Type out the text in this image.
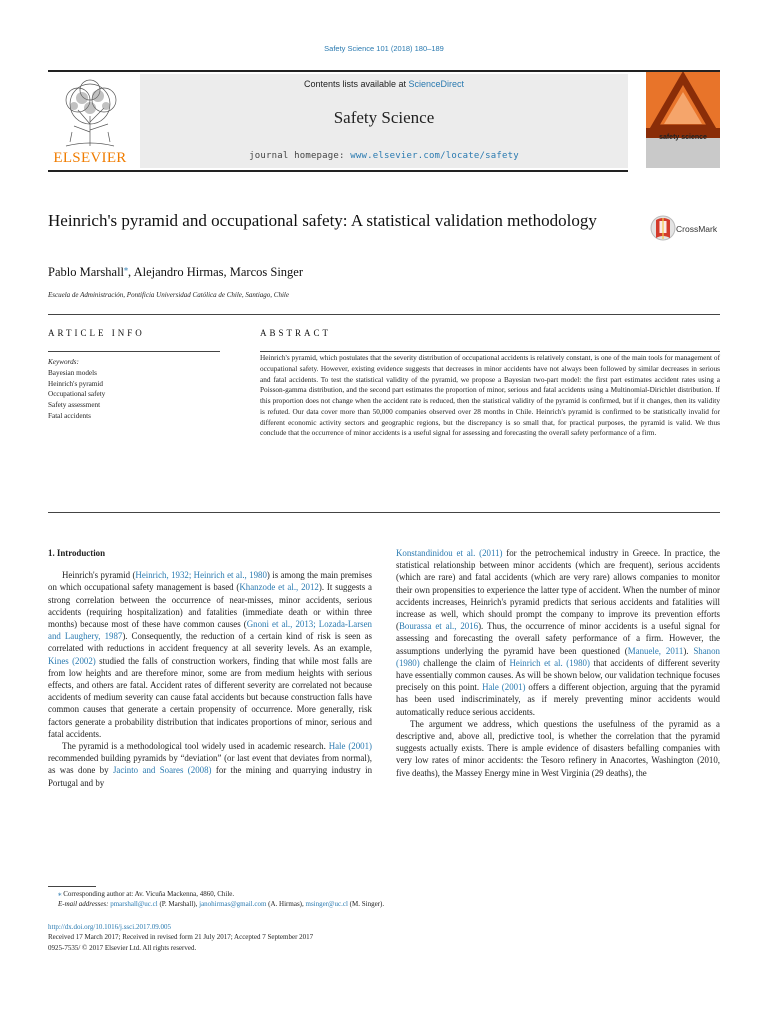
Safety Science 101 (2018) 180–189
ELSEVIER
Contents lists available at ScienceDirect
Safety Science
journal homepage: www.elsevier.com/locate/safety
safety science
Heinrich's pyramid and occupational safety: A statistical validation methodology	CrossMark
Pablo Marshall⁎, Alejandro Hirmas, Marcos Singer
Escuela de Administración, Pontificia Universidad Católica de Chile, Santiago, Chile
ARTICLE INFO	ABSTRACT
Keywords:
Bayesian models
Heinrich's pyramid
Occupational safety
Safety assessment
Fatal accidents
Heinrich's pyramid, which postulates that the severity distribution of occupational accidents is relatively constant, is one of the main tools for management of occupational safety. However, existing evidence suggests that decreases in minor accidents have not always been followed by similar decreases in serious and fatal accidents. To test the statistical validity of the pyramid, we propose a Bayesian two-part model: the first part estimates accident rates using a Poisson-gamma distribution, and the second part estimates the proportion of minor, serious and fatal accidents using a Multinomial-Dirichlet distribution. If this proportion does not change when the accident rate is reduced, then the statistical validity of the pyramid is confirmed, but if it changes, then its validity is refuted. Our data cover more than 50,000 companies observed over 28 months in Chile. Heinrich's pyramid is confirmed to be statistically invalid for different economic activity sectors and geographic regions, but the discrepancy is so small that, for practical purposes, the pyramid is valid. We thus conclude that the occurrence of minor accidents is a useful signal for assessing and forecasting the overall safety performance of a firm.
1. Introduction

Heinrich's pyramid (Heinrich, 1932; Heinrich et al., 1980) is among the main premises on which occupational safety management is based (Khanzode et al., 2012). It suggests a strong correlation between the occurrence of near-misses, minor accidents, serious accidents (requiring hospitalization) and fatalities (immediate death or within three months) because most of these have common causes (Gnoni et al., 2013; Lozada-Larsen and Laughery, 1987). Consequently, the reduction of a certain kind of risk is seen as correlated with reductions in accident frequency at all severity levels. As an example, Kines (2002) studied the falls of construction workers, finding that while most falls are from low heights and are therefore minor, some are from medium heights with serious effects, and others are fatal. Accident rates of different severity are correlated not because accidents of medium severity can cause fatal accidents but because construction falls have common causes that generate a certain propensity of occurrence. More generally, risk factors generate a probability distribution that indicates proportions of minor, serious and fatal accidents.

The pyramid is a methodological tool widely used in academic research. Hale (2001) recommended building pyramids by “deviation” (or last event that deviates from normal), as was done by Jacinto and Soares (2008) for the mining and quarrying industry in Portugal and by

Konstandinidou et al. (2011) for the petrochemical industry in Greece. In practice, the statistical relationship between minor accidents (which are frequent), serious accidents (which are rare) and fatal accidents (which are very rare) allows companies to monitor their own propensities to experience the latter type of accident. When the number of minor accidents increases, Heinrich's pyramid predicts that serious accidents and fatalities will increase as well, which should prompt the company to improve its prevention efforts (Bourassa et al., 2016). Thus, the occurrence of minor accidents is a useful signal for assessing and forecasting the overall safety performance of a firm. However, the assumptions underlying the pyramid have been questioned (Manuele, 2011). Shanon (1980) challenge the claim of Heinrich et al. (1980) that accidents of different severity have essentially common causes. As will be shown below, our validation technique focuses precisely on this point. Hale (2001) offers a different objection, arguing that the pyramid has been used indiscriminately, as if merely preventing minor accidents would automatically reduce serious accidents.

The argument we address, which questions the usefulness of the pyramid as a descriptive and, above all, predictive tool, is whether the correlation that the pyramid suggests actually exists. There is ample evidence of disasters befalling companies with very low rates of minor accidents: the Tesoro refinery in Anacortes, Washington (2010, five deaths), the Massey Energy mine in West Virginia (29 deaths), the

⁎ Corresponding author at: Av. Vicuña Mackenna, 4860, Chile.
E-mail addresses: pmarshall@uc.cl (P. Marshall), janohirmas@gmail.com (A. Hirmas), msinger@uc.cl (M. Singer).
http://dx.doi.org/10.1016/j.ssci.2017.09.005
Received 17 March 2017; Received in revised form 21 July 2017; Accepted 7 September 2017
0925-7535/ © 2017 Elsevier Ltd. All rights reserved.
